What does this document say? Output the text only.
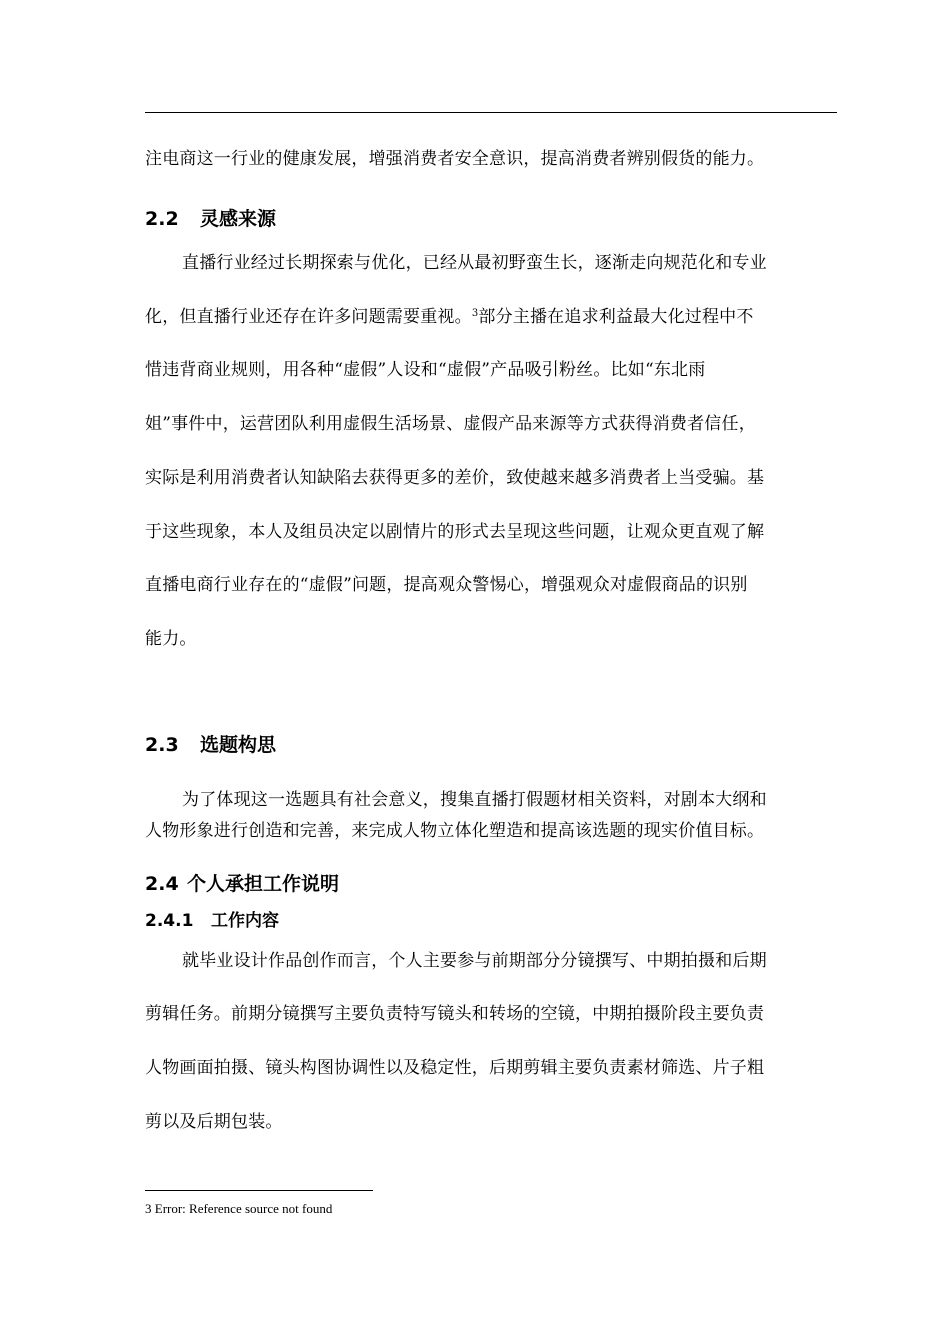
注电商这一行业的健康发展，增强消费者安全意识，提高消费者辨别假货的能力。
2.2 灵感来源
直播行业经过长期探索与优化，已经从最初野蛮生长，逐渐走向规范化和专业
化，但直播行业还存在许多问题需要重视。$^3$部分主播在追求利益最大化过程中不
惜违背商业规则，用各种“虚假”人设和“虚假”产品吸引粉丝。比如“东北雨
姐”事件中，运营团队利用虚假生活场景、虚假产品来源等方式获得消费者信任，
实际是利用消费者认知缺陷去获得更多的差价，致使越来越多消费者上当受骗。基
于这些现象，本人及组员决定以剧情片的形式去呈现这些问题，让观众更直观了解
直播电商行业存在的“虚假”问题，提高观众警惕心，增强观众对虚假商品的识别
能力。
2.3 选题构思
为了体现这一选题具有社会意义，搜集直播打假题材相关资料，对剧本大纲和
人物形象进行创造和完善，来完成人物立体化塑造和提高该选题的现实价值目标。
2.4 个人承担工作说明
2.4.1 工作内容
就毕业设计作品创作而言，个人主要参与前期部分分镜撰写、中期拍摄和后期
剪辑任务。前期分镜撰写主要负责特写镜头和转场的空镜，中期拍摄阶段主要负责
人物画面拍摄、镜头构图协调性以及稳定性，后期剪辑主要负责素材筛选、片子粗
剪以及后期包装。
3 Error: Reference source not found
